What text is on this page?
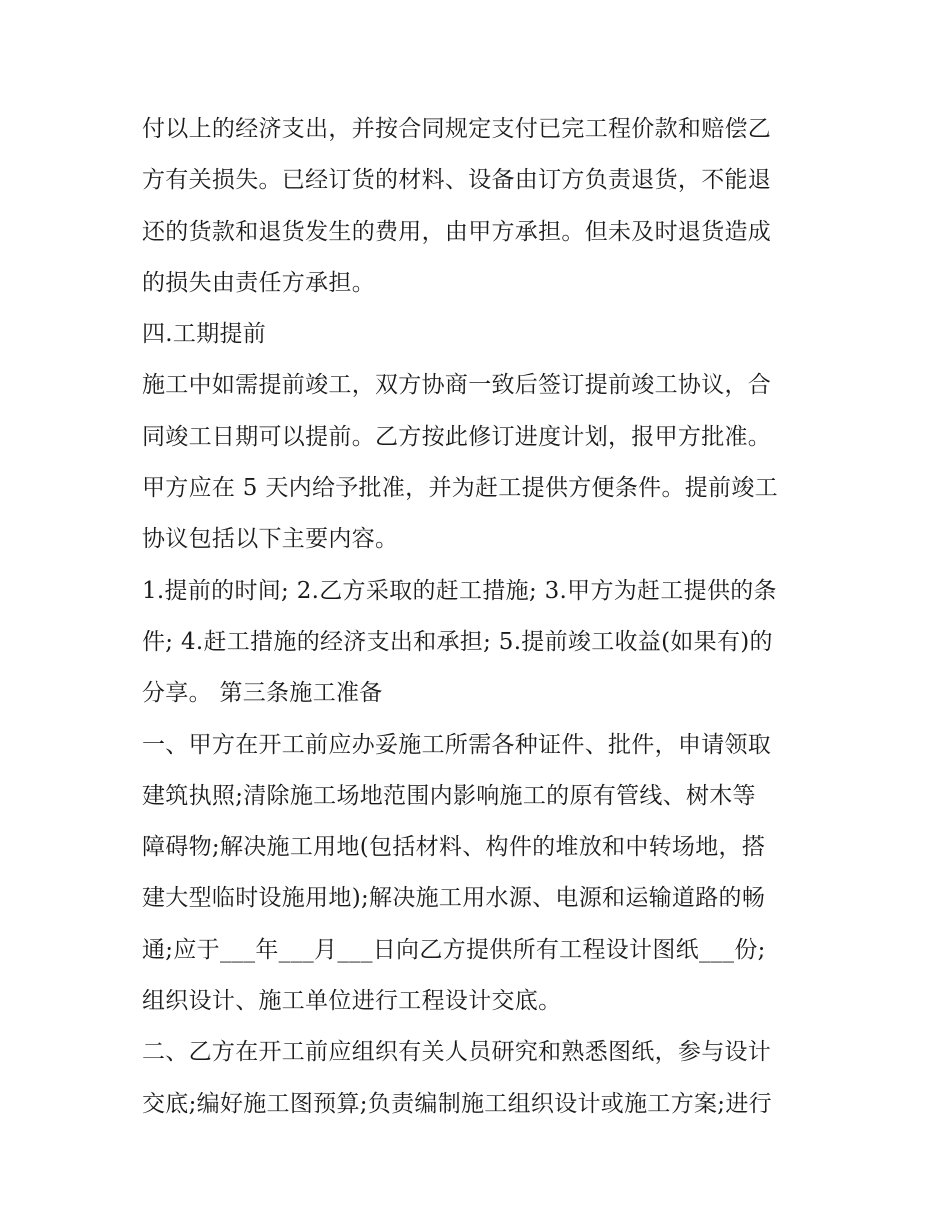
付以上的经济支出，并按合同规定支付已完工程价款和赔偿乙
方有关损失。已经订货的材料、设备由订方负责退货，不能退
还的货款和退货发生的费用，由甲方承担。但未及时退货造成
的损失由责任方承担。
四.工期提前
施工中如需提前竣工，双方协商一致后签订提前竣工协议，合
同竣工日期可以提前。乙方按此修订进度计划，报甲方批准。
甲方应在 5 天内给予批准，并为赶工提供方便条件。提前竣工
协议包括以下主要内容。
1.提前的时间; 2.乙方采取的赶工措施; 3.甲方为赶工提供的条
件; 4.赶工措施的经济支出和承担; 5.提前竣工收益(如果有)的
分享。 第三条施工准备
一、甲方在开工前应办妥施工所需各种证件、批件，申请领取
建筑执照;清除施工场地范围内影响施工的原有管线、树木等
障碍物;解决施工用地(包括材料、构件的堆放和中转场地，搭
建大型临时设施用地);解决施工用水源、电源和运输道路的畅
通;应于___年___月___日向乙方提供所有工程设计图纸___份;
组织设计、施工单位进行工程设计交底。
二、乙方在开工前应组织有关人员研究和熟悉图纸，参与设计
交底;编好施工图预算;负责编制施工组织设计或施工方案;进行
